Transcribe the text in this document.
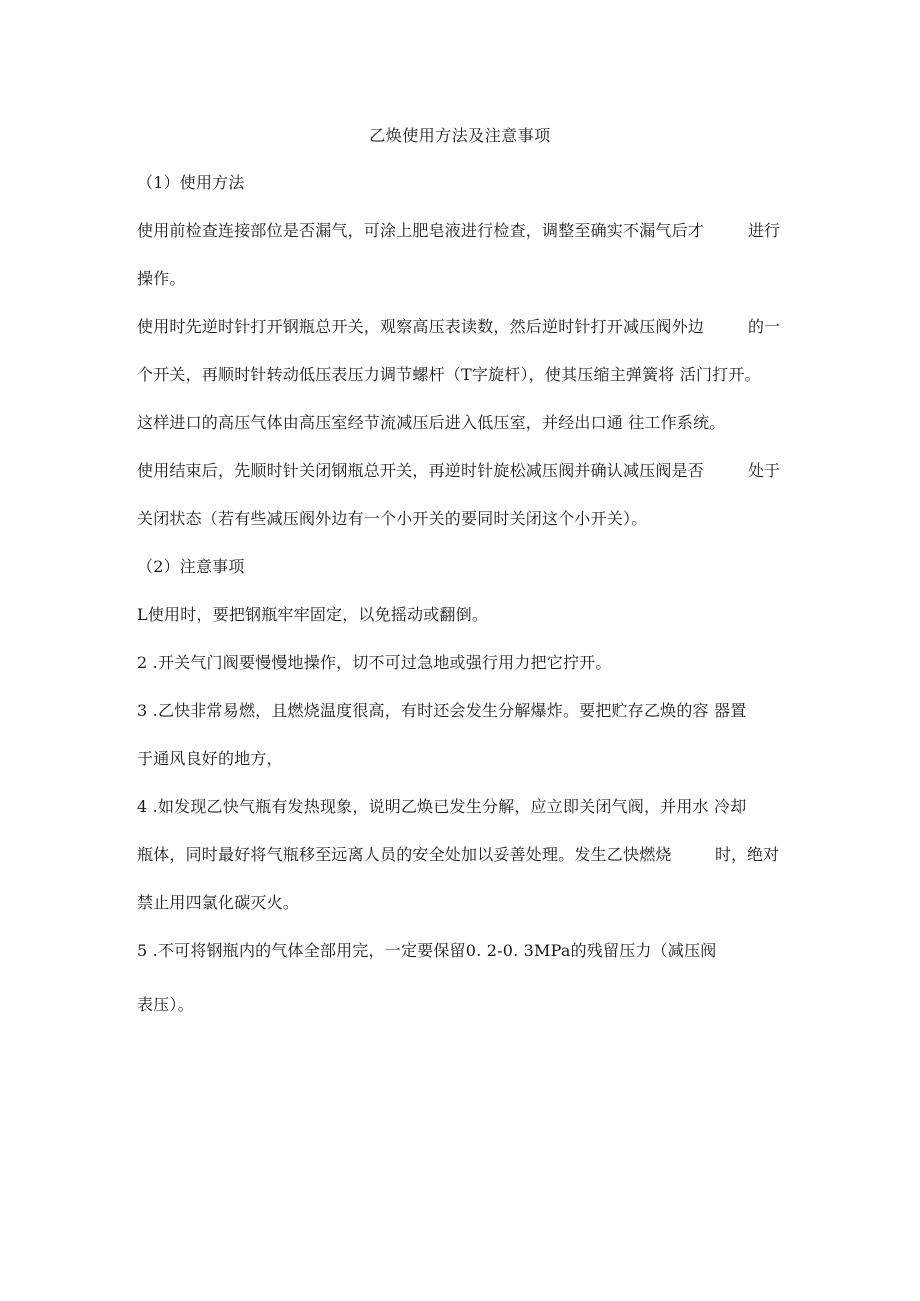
乙焕使用方法及注意事项
（1）使用方法
使用前检查连接部位是否漏气，可涂上肥皂液进行检查，调整至确实不漏气后才	进行
操作。
使用时先逆时针打开钢瓶总开关，观察高压表读数，然后逆时针打开减压阀外边	的一
个开关，再顺时针转动低压表压力调节螺杆（T字旋杆），使其压缩主弹簧将 活门打开。
这样进口的高压气体由高压室经节流减压后进入低压室，并经出口通 往工作系统。
使用结束后，先顺时针关闭钢瓶总开关，再逆时针旋松减压阀并确认减压阀是否	处于
关闭状态（若有些减压阀外边有一个小开关的要同时关闭这个小开关）。
（2）注意事项
L使用时，要把钢瓶牢牢固定，以免摇动或翻倒。
2 .开关气门阀要慢慢地操作，切不可过急地或强行用力把它拧开。
3 .乙快非常易燃，且燃烧温度很高，有时还会发生分解爆炸。要把贮存乙焕的容 器置
于通风良好的地方，
4 .如发现乙快气瓶有发热现象，说明乙焕已发生分解，应立即关闭气阀，并用水 冷却
瓶体，同时最好将气瓶移至远离人员的安全处加以妥善处理。发生乙快燃烧	时，绝对
禁止用四氯化碳灭火。
5 .不可将钢瓶内的气体全部用完，一定要保留0. 2-0. 3MPa的残留压力（减压阀
表压）。
